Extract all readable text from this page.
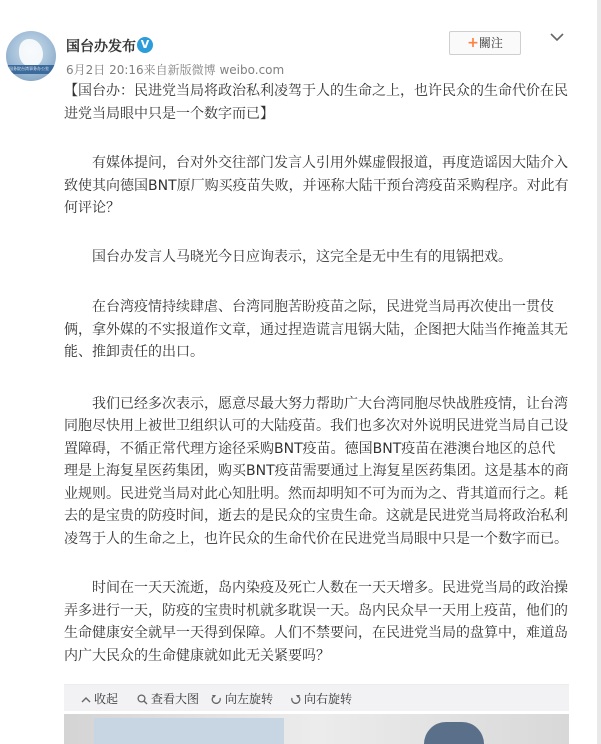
国务院台湾事务办公室
国台办发布 V
6月2日 20:16来自新版微博 weibo.com
+關注

【国台办：民进党当局将政治私利凌驾于人的生命之上，也许民众的生命代价在民进党当局眼中只是一个数字而已】

有媒体提问，台对外交往部门发言人引用外媒虚假报道，再度造谣因大陆介入致使其向德国BNT原厂购买疫苗失败，并诬称大陆干预台湾疫苗采购程序。对此有何评论？

国台办发言人马晓光今日应询表示，这完全是无中生有的甩锅把戏。

在台湾疫情持续肆虐、台湾同胞苦盼疫苗之际，民进党当局再次使出一贯伎俩，拿外媒的不实报道作文章，通过捏造谎言甩锅大陆，企图把大陆当作掩盖其无能、推卸责任的出口。

我们已经多次表示，愿意尽最大努力帮助广大台湾同胞尽快战胜疫情，让台湾同胞尽快用上被世卫组织认可的大陆疫苗。我们也多次对外说明民进党当局自己设置障碍，不循正常代理方途径采购BNT疫苗。德国BNT疫苗在港澳台地区的总代理是上海复星医药集团，购买BNT疫苗需要通过上海复星医药集团。这是基本的商业规则。民进党当局对此心知肚明。然而却明知不可为而为之、背其道而行之。耗去的是宝贵的防疫时间，逝去的是民众的宝贵生命。这就是民进党当局将政治私利凌驾于人的生命之上，也许民众的生命代价在民进党当局眼中只是一个数字而已。

时间在一天天流逝，岛内染疫及死亡人数在一天天增多。民进党当局的政治操弄多进行一天，防疫的宝贵时机就多耽误一天。岛内民众早一天用上疫苗，他们的生命健康安全就早一天得到保障。人们不禁要问，在民进党当局的盘算中，难道岛内广大民众的生命健康就如此无关紧要吗？

收起	查看大图	向左旋转	向右旋转
